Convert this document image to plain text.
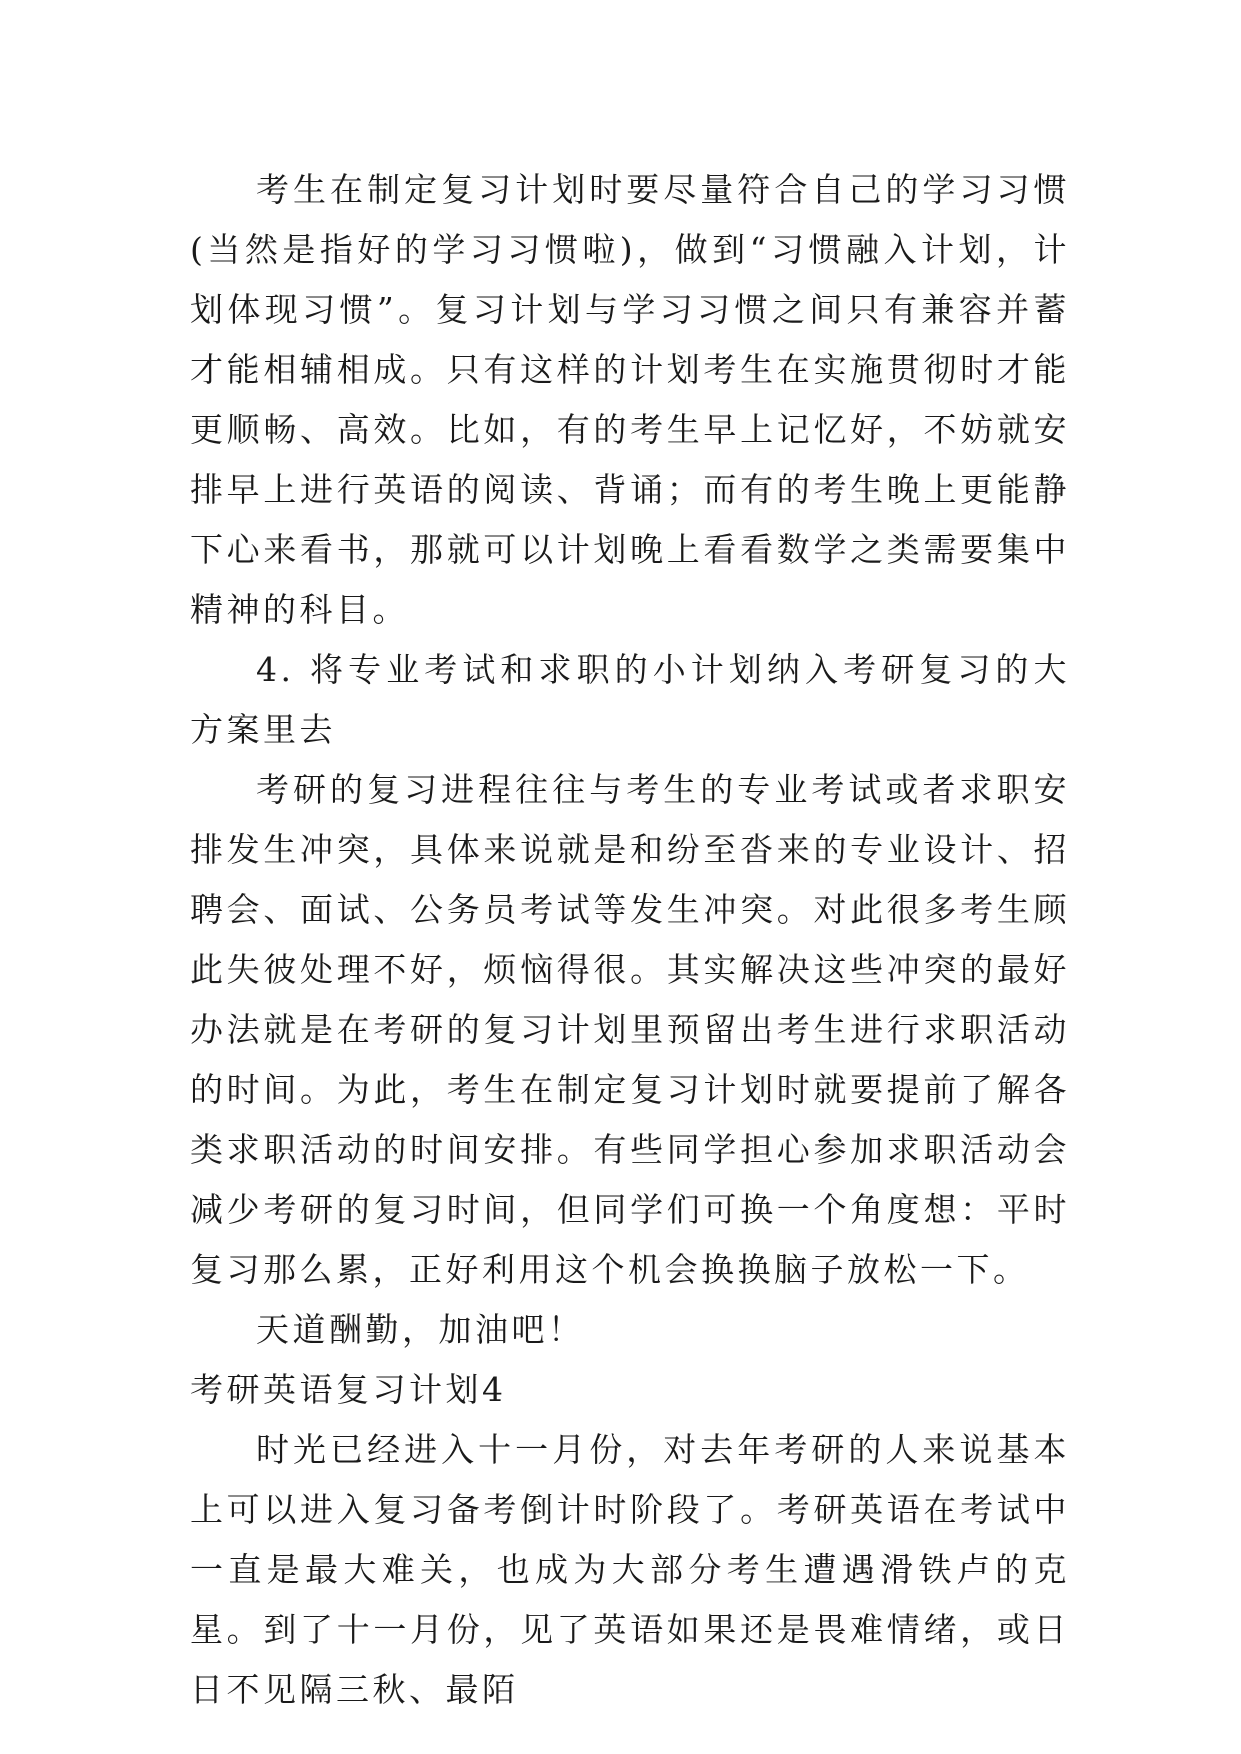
考生在制定复习计划时要尽量符合自己的学习习惯(当然是指好的学习习惯啦)，做到“习惯融入计划，计划体现习惯”。复习计划与学习习惯之间只有兼容并蓄才能相辅相成。只有这样的计划考生在实施贯彻时才能更顺畅、高效。比如，有的考生早上记忆好，不妨就安排早上进行英语的阅读、背诵；而有的考生晚上更能静下心来看书，那就可以计划晚上看看数学之类需要集中精神的科目。

4. 将专业考试和求职的小计划纳入考研复习的大方案里去

考研的复习进程往往与考生的专业考试或者求职安排发生冲突，具体来说就是和纷至沓来的专业设计、招聘会、面试、公务员考试等发生冲突。对此很多考生顾此失彼处理不好，烦恼得很。其实解决这些冲突的最好办法就是在考研的复习计划里预留出考生进行求职活动的时间。为此，考生在制定复习计划时就要提前了解各类求职活动的时间安排。有些同学担心参加求职活动会减少考研的复习时间，但同学们可换一个角度想：平时复习那么累，正好利用这个机会换换脑子放松一下。

天道酬勤，加油吧！

考研英语复习计划4

时光已经进入十一月份，对去年考研的人来说基本上可以进入复习备考倒计时阶段了。考研英语在考试中一直是最大难关，也成为大部分考生遭遇滑铁卢的克星。到了十一月份，见了英语如果还是畏难情绪，或日日不见隔三秋、最陌
